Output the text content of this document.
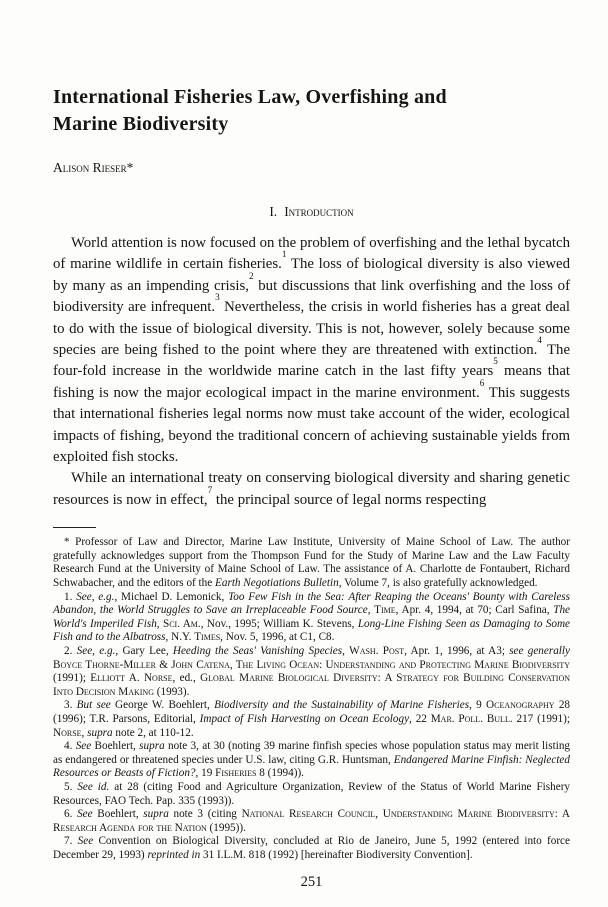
International Fisheries Law, Overfishing and
Marine Biodiversity
Alison Rieser*
I. Introduction

World attention is now focused on the problem of overfishing and the lethal bycatch of marine wildlife in certain fisheries.$^1$ The loss of biological diversity is also viewed by many as an impending crisis,$^2$ but discussions that link overfishing and the loss of biodiversity are infrequent.$^3$ Nevertheless, the crisis in world fisheries has a great deal to do with the issue of biological diversity. This is not, however, solely because some species are being fished to the point where they are threatened with extinction.$^4$ The four-fold increase in the worldwide marine catch in the last fifty years$^5$ means that fishing is now the major ecological impact in the marine environment.$^6$ This suggests that international fisheries legal norms now must take account of the wider, ecological impacts of fishing, beyond the traditional concern of achieving sustainable yields from exploited fish stocks.

While an international treaty on conserving biological diversity and sharing genetic resources is now in effect,$^7$ the principal source of legal norms respecting

* Professor of Law and Director, Marine Law Institute, University of Maine School of Law. The author gratefully acknowledges support from the Thompson Fund for the Study of Marine Law and the Law Faculty Research Fund at the University of Maine School of Law. The assistance of A. Charlotte de Fontaubert, Richard Schwabacher, and the editors of the Earth Negotiations Bulletin, Volume 7, is also gratefully acknowledged.

1. See, e.g., Michael D. Lemonick, Too Few Fish in the Sea: After Reaping the Oceans' Bounty with Careless Abandon, the World Struggles to Save an Irreplaceable Food Source, Time, Apr. 4, 1994, at 70; Carl Safina, The World's Imperiled Fish, Sci. Am., Nov., 1995; William K. Stevens, Long-Line Fishing Seen as Damaging to Some Fish and to the Albatross, N.Y. Times, Nov. 5, 1996, at C1, C8.

2. See, e.g., Gary Lee, Heeding the Seas' Vanishing Species, Wash. Post, Apr. 1, 1996, at A3; see generally Boyce Thorne-Miller & John Catena, The Living Ocean: Understanding and Protecting Marine Biodiversity (1991); Elliott A. Norse, ed., Global Marine Biological Diversity: A Strategy for Building Conservation Into Decision Making (1993).

3. But see George W. Boehlert, Biodiversity and the Sustainability of Marine Fisheries, 9 Oceanography 28 (1996); T.R. Parsons, Editorial, Impact of Fish Harvesting on Ocean Ecology, 22 Mar. Poll. Bull. 217 (1991); Norse, supra note 2, at 110-12.

4. See Boehlert, supra note 3, at 30 (noting 39 marine finfish species whose population status may merit listing as endangered or threatened species under U.S. law, citing G.R. Huntsman, Endangered Marine Finfish: Neglected Resources or Beasts of Fiction?, 19 Fisheries 8 (1994)).

5. See id. at 28 (citing Food and Agriculture Organization, Review of the Status of World Marine Fishery Resources, FAO Tech. Pap. 335 (1993)).

6. See Boehlert, supra note 3 (citing National Research Council, Understanding Marine Biodiversity: A Research Agenda for the Nation (1995)).

7. See Convention on Biological Diversity, concluded at Rio de Janeiro, June 5, 1992 (entered into force December 29, 1993) reprinted in 31 I.L.M. 818 (1992) [hereinafter Biodiversity Convention].

251
